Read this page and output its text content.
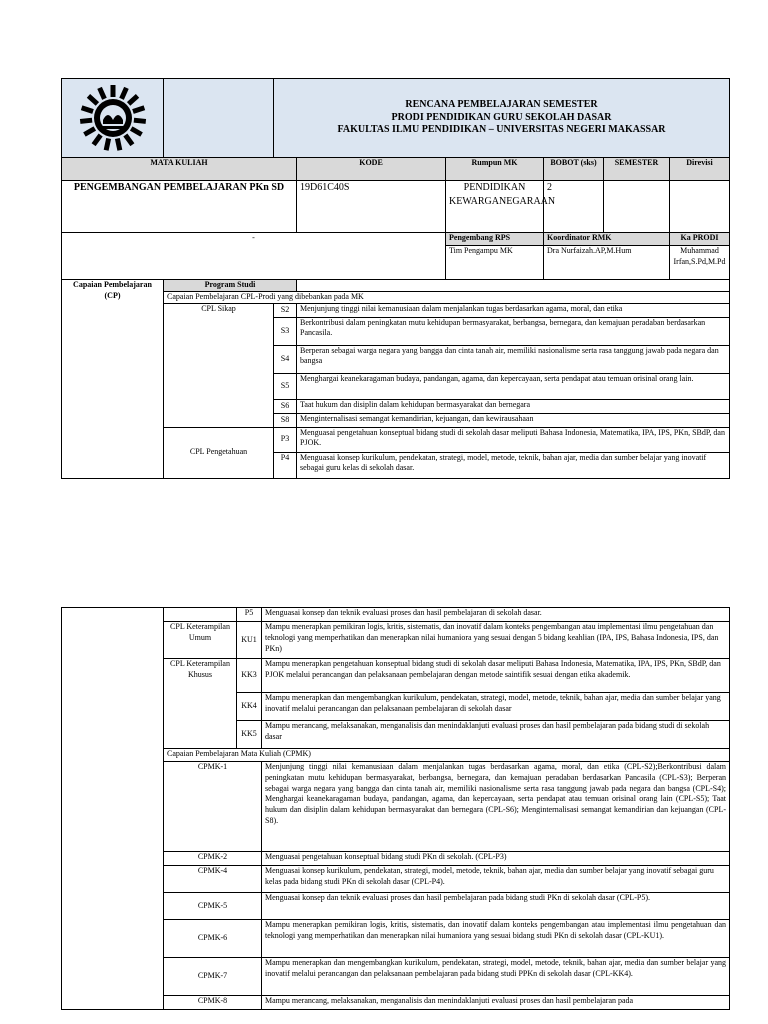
RENCANA PEMBELAJARAN SEMESTER
PRODI PENDIDIKAN GURU SEKOLAH DASAR
FAKULTAS ILMU PENDIDIKAN – UNIVERSITAS NEGERI MAKASSAR					

MATA KULIAH			KODE	Rumpun MK	BOBOT (sks)	SEMESTER	Direvisi
PENGEMBANGAN PEMBELAJARAN PKn SD			19D61C40S	PENDIDIKAN KEWARGANEGARAAN	2		
-				Pengembang RPS	Koordinator RMK		Ka PRODI
				Tim Pengampu MK	Dra Nurfaizah.AP,M.Hum		Muhammad Irfan,S.Pd,M.Pd
Capaian Pembelajaran (CP)	Program Studi						
	Capaian Pembelajaran CPL-Prodi yang dibebankan pada MK						
	CPL Sikap	S2	Menjunjung tinggi nilai kemanusiaan dalam menjalankan tugas berdasarkan agama, moral, dan etika				
		S3	Berkontribusi dalam peningkatan mutu kehidupan bermasyarakat, berbangsa, bernegara, dan kemajuan peradaban berdasarkan Pancasila.				
		S4	Berperan sebagai warga negara yang bangga dan cinta tanah air, memiliki nasionalisme serta rasa tanggung jawab pada negara dan bangsa				
		S5	Menghargai keanekaragaman budaya, pandangan, agama, dan kepercayaan, serta pendapat atau temuan orisinal orang lain.				
		S6	Taat hukum dan disiplin dalam kehidupan bermasyarakat dan bernegara				
		S8	Menginternalisasi semangat kemandirian, kejuangan, dan kewirausahaan				
	CPL Pengetahuan	P3	Menguasai pengetahuan konseptual bidang studi di sekolah dasar meliputi Bahasa Indonesia, Matematika, IPA, IPS, PKn, SBdP, dan PJOK.				
		P4	Menguasai konsep kurikulum, pendekatan, strategi, model, metode, teknik, bahan ajar, media dan sumber belajar yang inovatif sebagai guru kelas di sekolah dasar.				
		P5	Menguasai konsep dan teknik evaluasi proses dan hasil pembelajaran di sekolah dasar.
	CPL Keterampilan Umum	KU1	Mampu menerapkan pemikiran logis, kritis, sistematis, dan inovatif dalam konteks pengembangan atau implementasi ilmu pengetahuan dan teknologi yang memperhatikan dan menerapkan nilai humaniora yang sesuai dengan 5 bidang keahlian (IPA, IPS, Bahasa Indonesia, IPS, dan PKn)
	CPL Keterampilan Khusus	KK3	Mampu menerapkan pengetahuan konseptual bidang studi di sekolah dasar meliputi Bahasa Indonesia, Matematika, IPA, IPS, PKn, SBdP, dan PJOK melalui perancangan dan pelaksanaan pembelajaran dengan metode saintifik sesuai dengan etika akademik.
		KK4	Mampu menerapkan dan mengembangkan kurikulum, pendekatan, strategi, model, metode, teknik, bahan ajar, media dan sumber belajar yang inovatif melalui perancangan dan pelaksanaan pembelajaran di sekolah dasar
		KK5	Mampu merancang, melaksanakan, menganalisis dan menindaklanjuti evaluasi proses dan hasil pembelajaran pada bidang studi di sekolah dasar
	Capaian Pembelajaran Mata Kuliah (CPMK)		
	CPMK-1		Menjunjung tinggi nilai kemanusiaan dalam menjalankan tugas berdasarkan agama, moral, dan etika (CPL-S2);Berkontribusi dalam peningkatan mutu kehidupan bermasyarakat, berbangsa, bernegara, dan kemajuan peradaban berdasarkan Pancasila (CPL-S3); Berperan sebagai warga negara yang bangga dan cinta tanah air, memiliki nasionalisme serta rasa tanggung jawab pada negara dan bangsa (CPL-S4); Menghargai keanekaragaman budaya, pandangan, agama, dan kepercayaan, serta pendapat atau temuan orisinal orang lain (CPL-S5); Taat hukum dan disiplin dalam kehidupan bermasyarakat dan bernegara (CPL-S6); Menginternalisasi semangat kemandirian dan kejuangan (CPL- S8).
	CPMK-2		Menguasai pengetahuan konseptual bidang studi PKn di sekolah. (CPL-P3)
	CPMK-4		Menguasai konsep kurikulum, pendekatan, strategi, model, metode, teknik, bahan ajar, media dan sumber belajar yang inovatif sebagai guru kelas pada bidang studi PKn di sekolah dasar (CPL-P4).
	CPMK-5		Menguasai konsep dan teknik evaluasi proses dan hasil pembelajaran pada bidang studi PKn di sekolah dasar (CPL-P5).
	CPMK-6		Mampu menerapkan pemikiran logis, kritis, sistematis, dan inovatif dalam konteks pengembangan atau implementasi ilmu pengetahuan dan teknologi yang memperhatikan dan menerapkan nilai humaniora yang sesuai bidang studi PKn di sekolah dasar (CPL-KU1).
	CPMK-7		Mampu menerapkan dan mengembangkan kurikulum, pendekatan, strategi, model, metode, teknik, bahan ajar, media dan sumber belajar yang inovatif melalui perancangan dan pelaksanaan pembelajaran pada bidang studi PPKn di sekolah dasar (CPL-KK4).
	CPMK-8		Mampu merancang, melaksanakan, menganalisis dan menindaklanjuti evaluasi proses dan hasil pembelajaran pada
